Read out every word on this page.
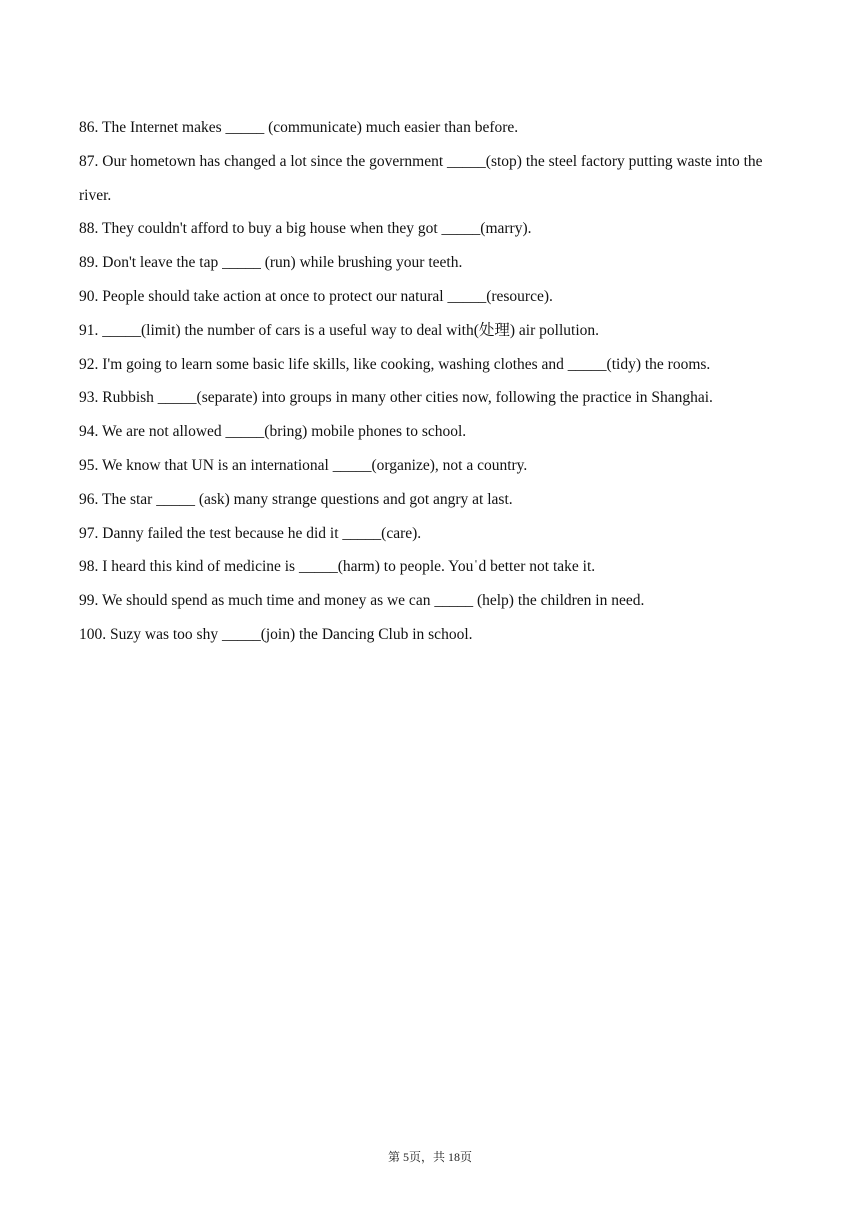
86. The Internet makes _____ (communicate) much easier than before.

87. Our hometown has changed a lot since the government _____(stop) the steel factory putting waste into the river.

88. They couldn't afford to buy a big house when they got _____(marry).

89. Don't leave the tap _____ (run) while brushing your teeth.

90. People should take action at once to protect our natural _____(resource).

91. _____(limit) the number of cars is a useful way to deal with(处理) air pollution.

92. I'm going to learn some basic life skills, like cooking, washing clothes and _____(tidy) the rooms.

93. Rubbish _____(separate) into groups in many other cities now, following the practice in Shanghai.

94. We are not allowed _____(bring) mobile phones to school.

95. We know that UN is an international _____(organize), not a country.

96. The star _____ (ask) many strange questions and got angry at last.

97. Danny failed the test because he did it _____(care).

98. I heard this kind of medicine is _____(harm) to people. Youˈd better not take it.

99. We should spend as much time and money as we can _____ (help) the children in need.

100. Suzy was too shy _____(join) the Dancing Club in school.

第 5页，共 18页
